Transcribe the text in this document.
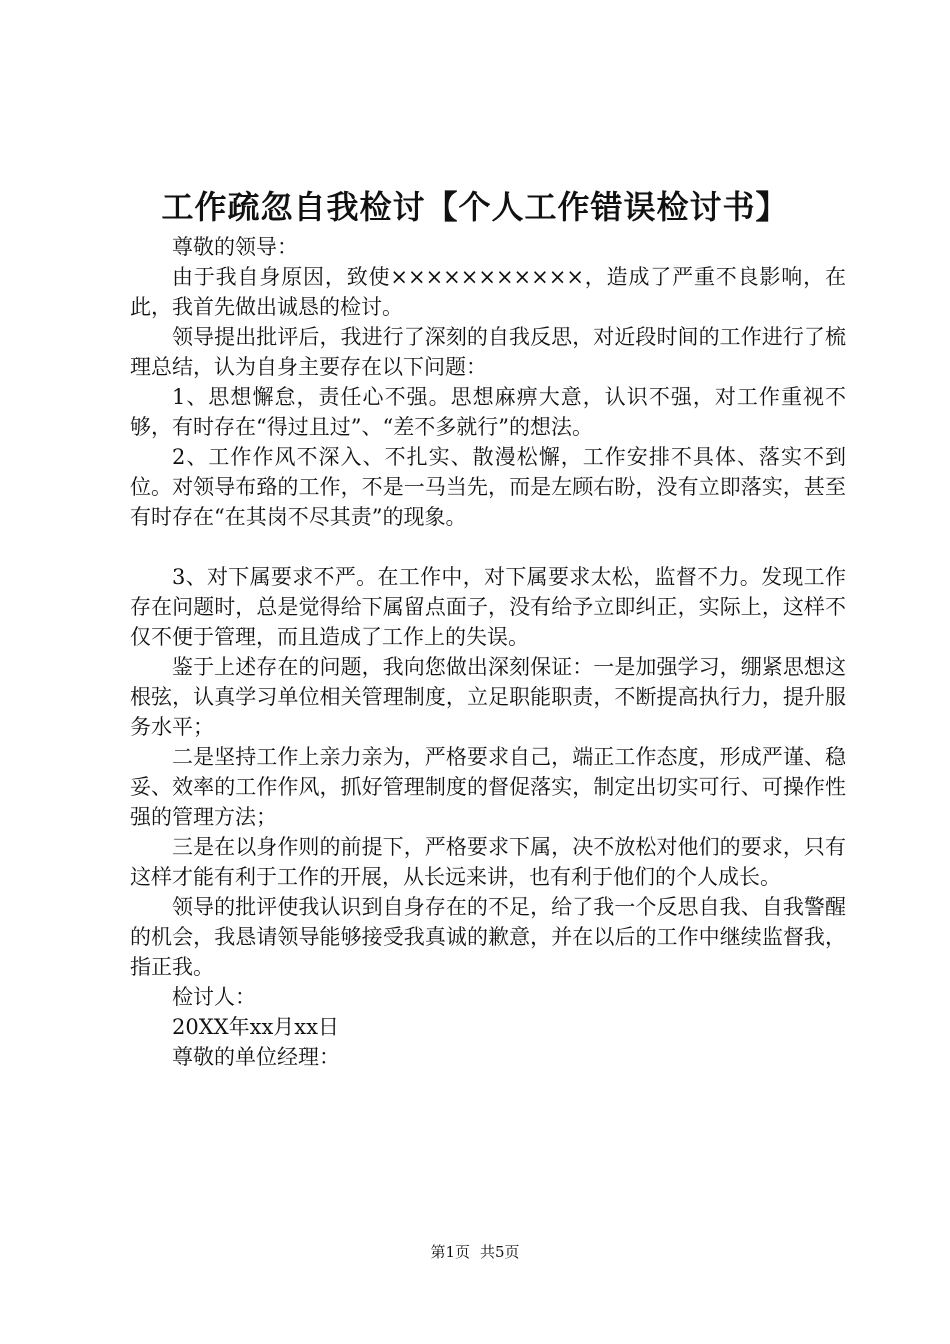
工作疏忽自我检讨【个人工作错误检讨书】

尊敬的领导：

由于我自身原因，致使×××××××××××，造成了严重不良影响，在此，我首先做出诚恳的检讨。

领导提出批评后，我进行了深刻的自我反思，对近段时间的工作进行了梳理总结，认为自身主要存在以下问题：

1、思想懈怠，责任心不强。思想麻痹大意，认识不强，对工作重视不够，有时存在“得过且过”、“差不多就行”的想法。

2、工作作风不深入、不扎实、散漫松懈，工作安排不具体、落实不到位。对领导布臵的工作，不是一马当先，而是左顾右盼，没有立即落实，甚至有时存在“在其岗不尽其责”的现象。

3、对下属要求不严。在工作中，对下属要求太松，监督不力。发现工作存在问题时，总是觉得给下属留点面子，没有给予立即纠正，实际上，这样不仅不便于管理，而且造成了工作上的失误。

鉴于上述存在的问题，我向您做出深刻保证：一是加强学习，绷紧思想这根弦，认真学习单位相关管理制度，立足职能职责，不断提高执行力，提升服务水平；

二是坚持工作上亲力亲为，严格要求自己，端正工作态度，形成严谨、稳妥、效率的工作作风，抓好管理制度的督促落实，制定出切实可行、可操作性强的管理方法；

三是在以身作则的前提下，严格要求下属，决不放松对他们的要求，只有这样才能有利于工作的开展，从长远来讲，也有利于他们的个人成长。

领导的批评使我认识到自身存在的不足，给了我一个反思自我、自我警醒的机会，我恳请领导能够接受我真诚的歉意，并在以后的工作中继续监督我，指正我。

检讨人：

20XX年xx月xx日

尊敬的单位经理：

第1页 共5页
